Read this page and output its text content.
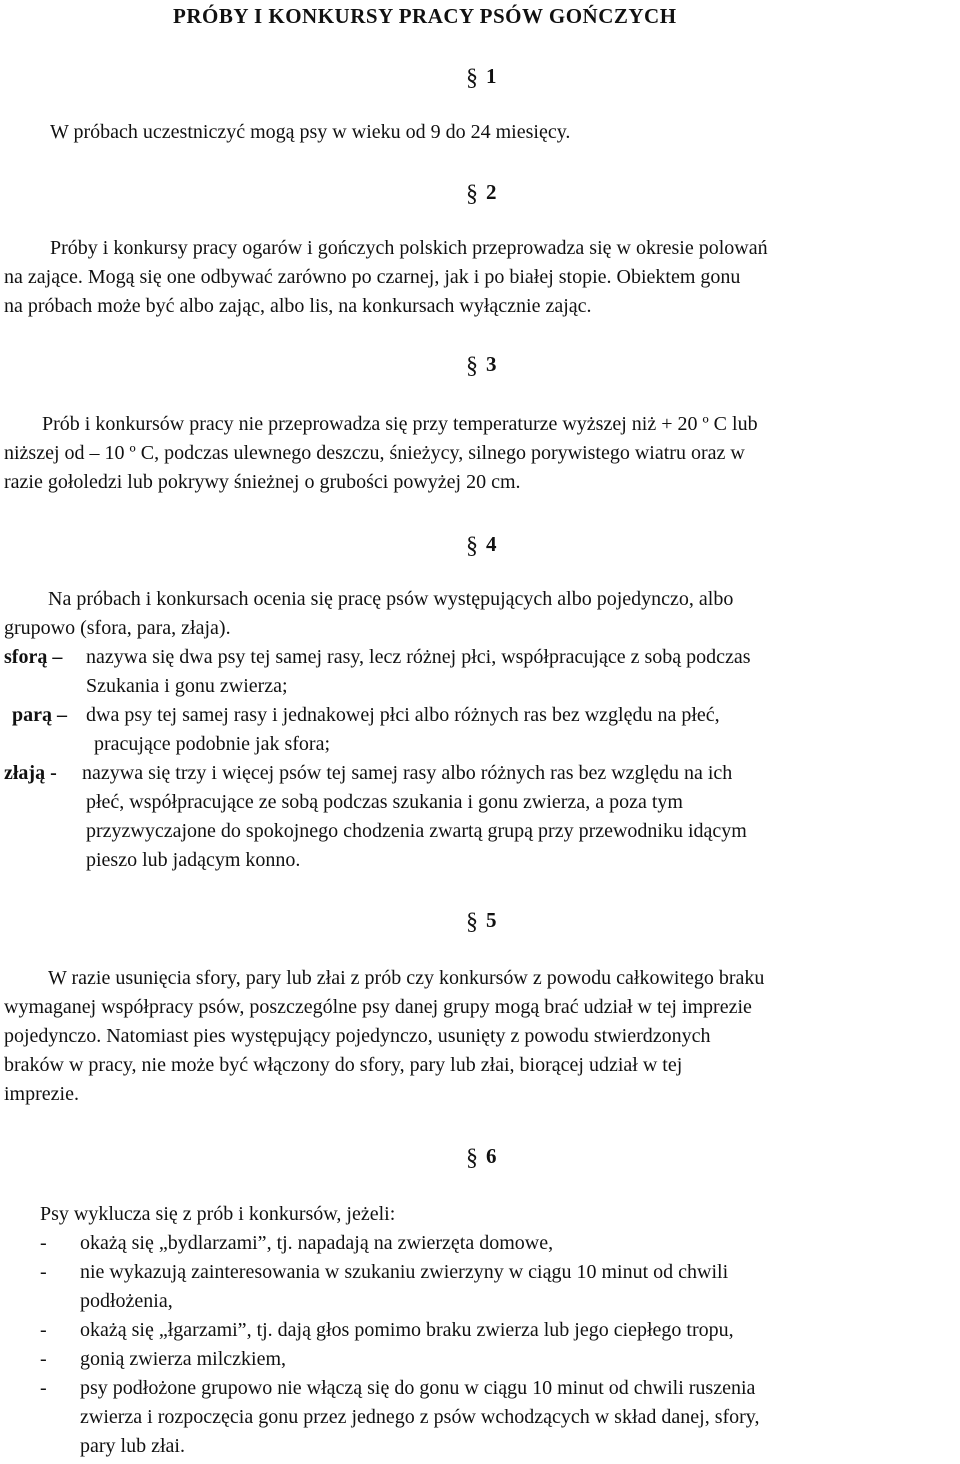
PRÓBY I KONKURSY PRACY PSÓW GOŃCZYCH
§ 1
W próbach uczestniczyć mogą psy w wieku od 9 do 24 miesięcy.
§ 2
Próby i konkursy pracy ogarów i gończych polskich przeprowadza się w okresie polowań
na zające. Mogą się one odbywać zarówno po czarnej, jak i po białej stopie. Obiektem gonu
na próbach może być albo zając, albo lis, na konkursach wyłącznie zając.
§ 3
Prób i konkursów pracy nie przeprowadza się przy temperaturze wyższej niż + 20 º C lub
niższej od – 10 º C, podczas ulewnego deszczu, śnieżycy, silnego porywistego wiatru oraz w
razie gołoledzi lub pokrywy śnieżnej o grubości powyżej 20 cm.
§ 4
Na próbach i konkursach ocenia się pracę psów występujących albo pojedynczo, albo
grupowo (sfora, para, złaja).
sforą – nazywa się dwa psy tej samej rasy, lecz różnej płci, współpracujące z sobą podczas
Szukania i gonu zwierza;
parą – dwa psy tej samej rasy i jednakowej płci albo różnych ras bez względu na płeć,
pracujące podobnie jak sfora;
złają - nazywa się trzy i więcej psów tej samej rasy albo różnych ras bez względu na ich
płeć, współpracujące ze sobą podczas szukania i gonu zwierza, a poza tym
przyzwyczajone do spokojnego chodzenia zwartą grupą przy przewodniku idącym
pieszo lub jadącym konno.
§ 5
W razie usunięcia sfory, pary lub złai z prób czy konkursów z powodu całkowitego braku
wymaganej współpracy psów, poszczególne psy danej grupy mogą brać udział w tej imprezie
pojedynczo. Natomiast pies występujący pojedynczo, usunięty z powodu stwierdzonych
braków w pracy, nie może być włączony do sfory, pary lub złai, biorącej udział w tej
imprezie.
§ 6
Psy wyklucza się z prób i konkursów, jeżeli:
- okażą się „bydlarzami”, tj. napadają na zwierzęta domowe,
- nie wykazują zainteresowania w szukaniu zwierzyny w ciągu 10 minut od chwili
podłożenia,
- okażą się „łgarzami”, tj. dają głos pomimo braku zwierza lub jego ciepłego tropu,
- gonią zwierza milczkiem,
- psy podłożone grupowo nie włączą się do gonu w ciągu 10 minut od chwili ruszenia
zwierza i rozpoczęcia gonu przez jednego z psów wchodzących w skład danej, sfory,
pary lub złai.
